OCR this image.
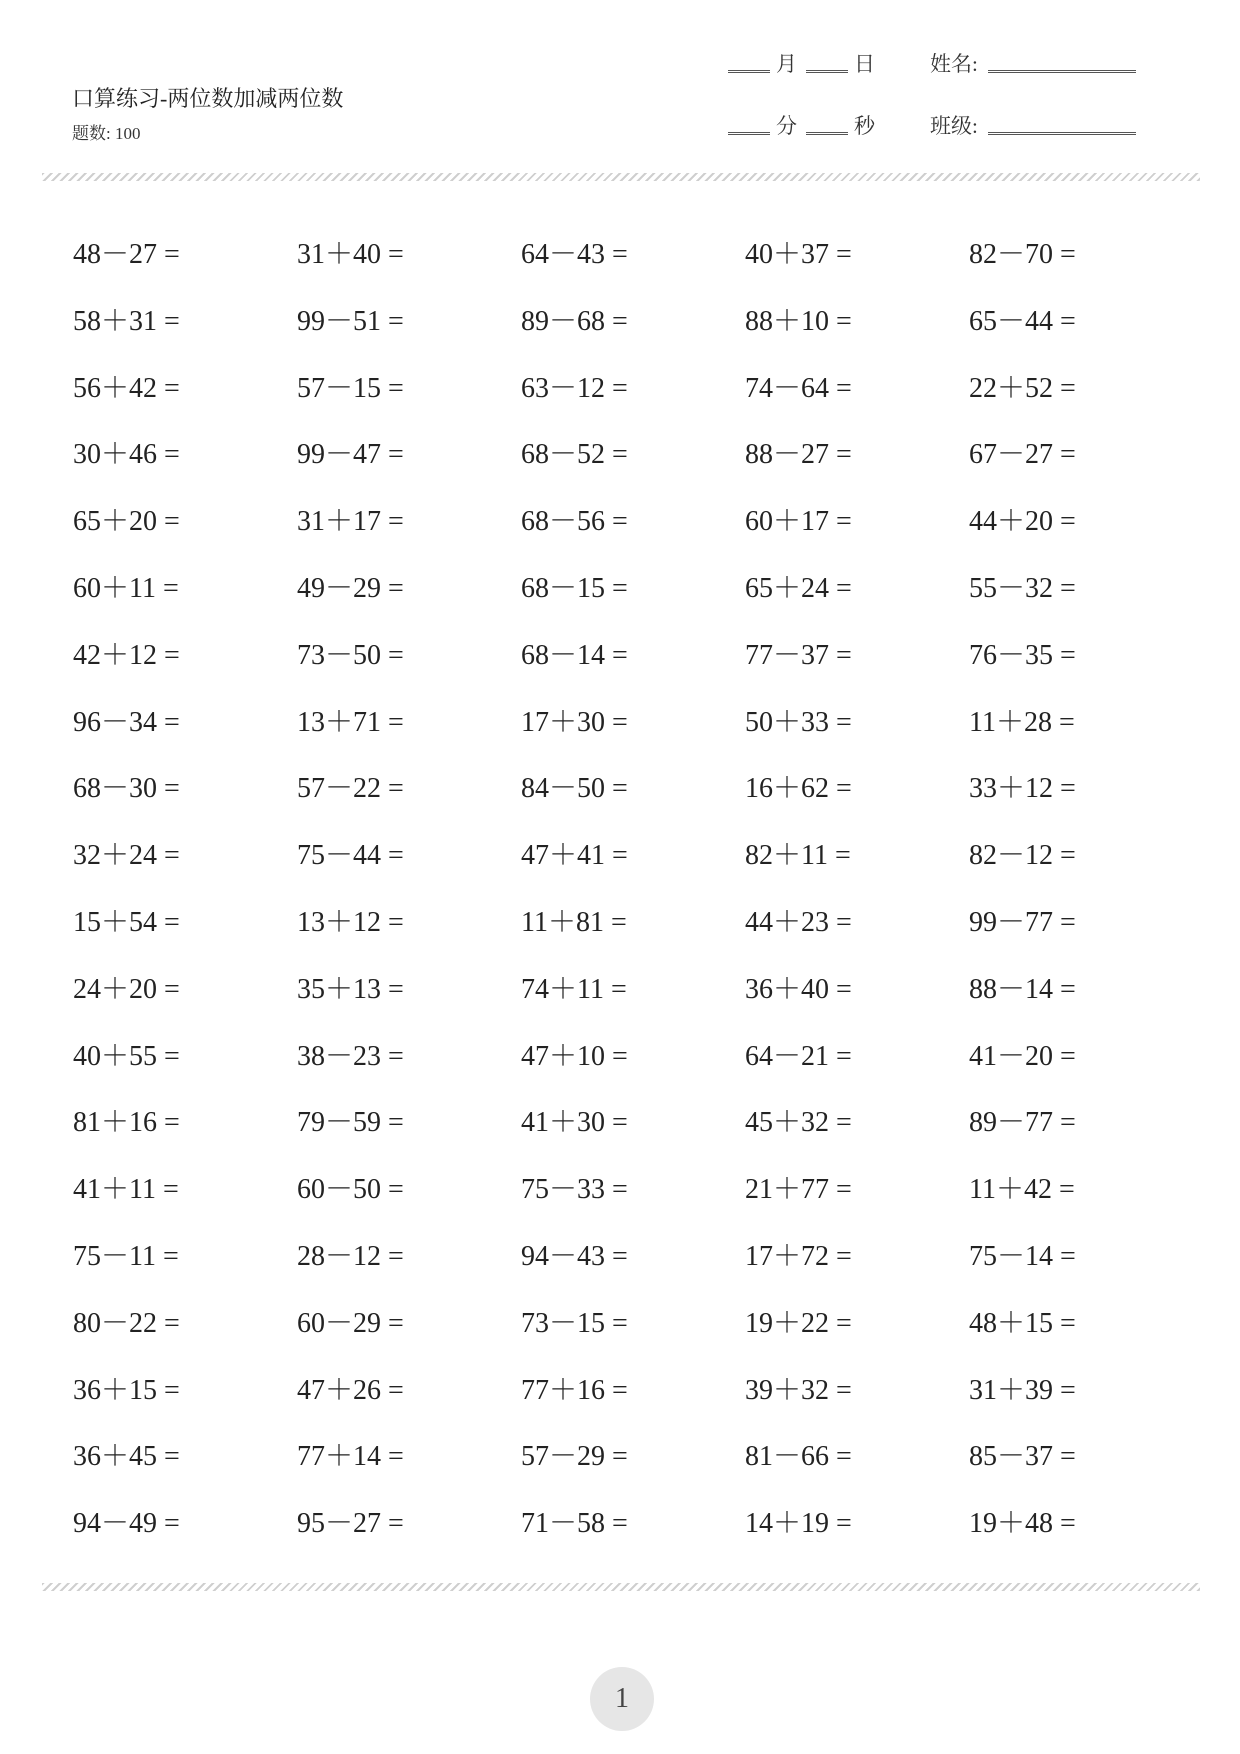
口算练习-两位数加减两位数
题数: 100
月	日	姓名:
分	秒	班级:
48－27 =	31＋40 =	64－43 =	40＋37 =	82－70 =
58＋31 =	99－51 =	89－68 =	88＋10 =	65－44 =
56＋42 =	57－15 =	63－12 =	74－64 =	22＋52 =
30＋46 =	99－47 =	68－52 =	88－27 =	67－27 =
65＋20 =	31＋17 =	68－56 =	60＋17 =	44＋20 =
60＋11 =	49－29 =	68－15 =	65＋24 =	55－32 =
42＋12 =	73－50 =	68－14 =	77－37 =	76－35 =
96－34 =	13＋71 =	17＋30 =	50＋33 =	11＋28 =
68－30 =	57－22 =	84－50 =	16＋62 =	33＋12 =
32＋24 =	75－44 =	47＋41 =	82＋11 =	82－12 =
15＋54 =	13＋12 =	11＋81 =	44＋23 =	99－77 =
24＋20 =	35＋13 =	74＋11 =	36＋40 =	88－14 =
40＋55 =	38－23 =	47＋10 =	64－21 =	41－20 =
81＋16 =	79－59 =	41＋30 =	45＋32 =	89－77 =
41＋11 =	60－50 =	75－33 =	21＋77 =	11＋42 =
75－11 =	28－12 =	94－43 =	17＋72 =	75－14 =
80－22 =	60－29 =	73－15 =	19＋22 =	48＋15 =
36＋15 =	47＋26 =	77＋16 =	39＋32 =	31＋39 =
36＋45 =	77＋14 =	57－29 =	81－66 =	85－37 =
94－49 =	95－27 =	71－58 =	14＋19 =	19＋48 =
1
